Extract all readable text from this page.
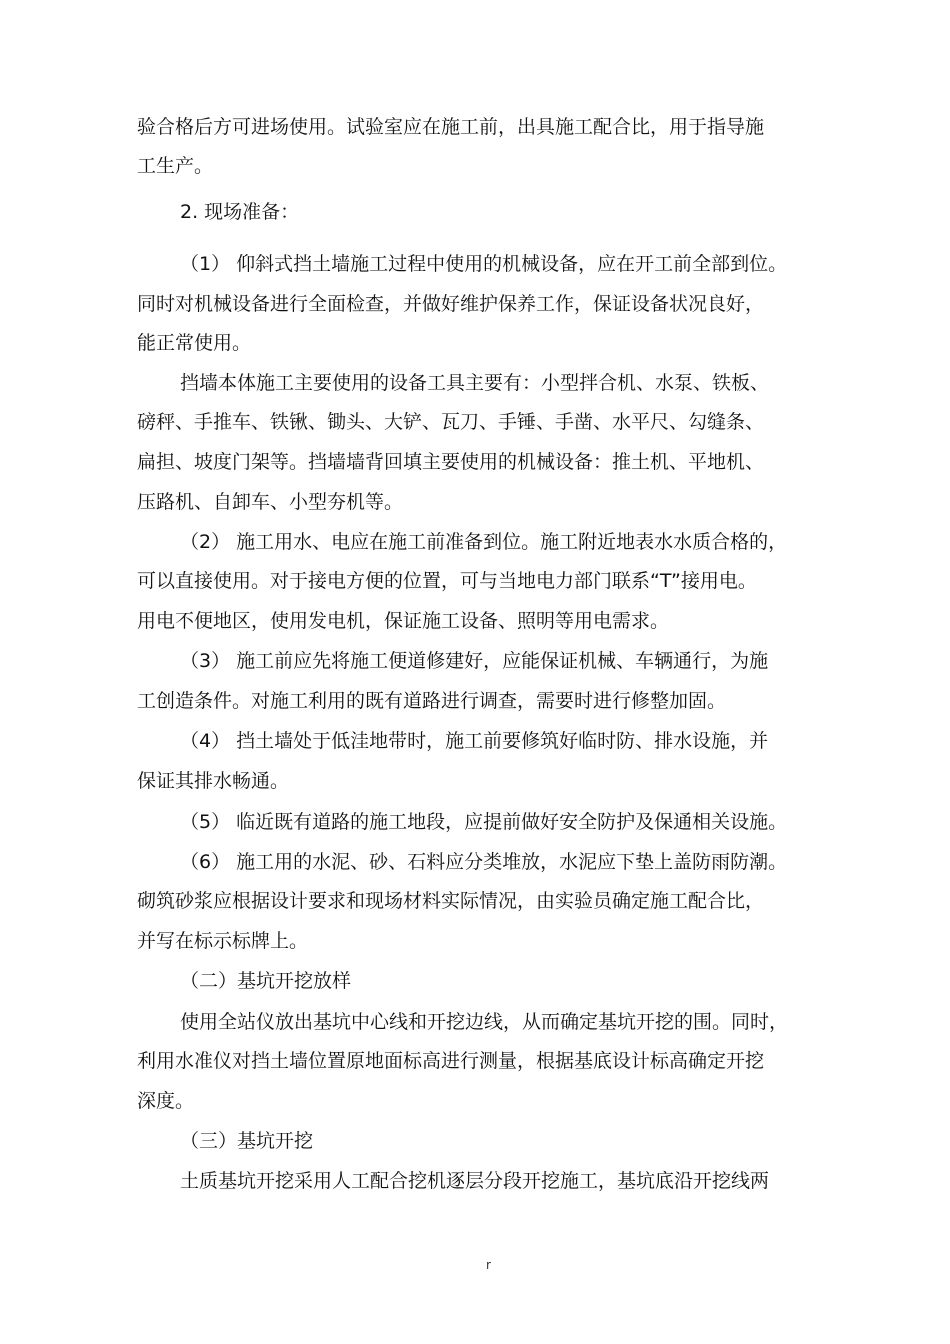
验合格后方可进场使用。试验室应在施工前，出具施工配合比，用于指导施
工生产。
2. 现场准备：
（1） 仰斜式挡土墙施工过程中使用的机械设备，应在开工前全部到位。
同时对机械设备进行全面检查，并做好维护保养工作，保证设备状况良好，
能正常使用。
挡墙本体施工主要使用的设备工具主要有：小型拌合机、水泵、铁板、
磅秤、手推车、铁锹、锄头、大铲、瓦刀、手锤、手凿、水平尺、勾缝条、
扁担、坡度门架等。挡墙墙背回填主要使用的机械设备：推土机、平地机、
压路机、自卸车、小型夯机等。
（2） 施工用水、电应在施工前准备到位。施工附近地表水水质合格的，
可以直接使用。对于接电方便的位置，可与当地电力部门联系“T”接用电。
用电不便地区，使用发电机，保证施工设备、照明等用电需求。
（3） 施工前应先将施工便道修建好，应能保证机械、车辆通行，为施
工创造条件。对施工利用的既有道路进行调查，需要时进行修整加固。
（4） 挡土墙处于低洼地带时，施工前要修筑好临时防、排水设施，并
保证其排水畅通。
（5） 临近既有道路的施工地段，应提前做好安全防护及保通相关设施。
（6） 施工用的水泥、砂、石料应分类堆放，水泥应下垫上盖防雨防潮。
砌筑砂浆应根据设计要求和现场材料实际情况，由实验员确定施工配合比，
并写在标示标牌上。
（二）基坑开挖放样
使用全站仪放出基坑中心线和开挖边线，从而确定基坑开挖的围。同时，
利用水准仪对挡土墙位置原地面标高进行测量，根据基底设计标高确定开挖
深度。
（三）基坑开挖
土质基坑开挖采用人工配合挖机逐层分段开挖施工，基坑底沿开挖线两
r
